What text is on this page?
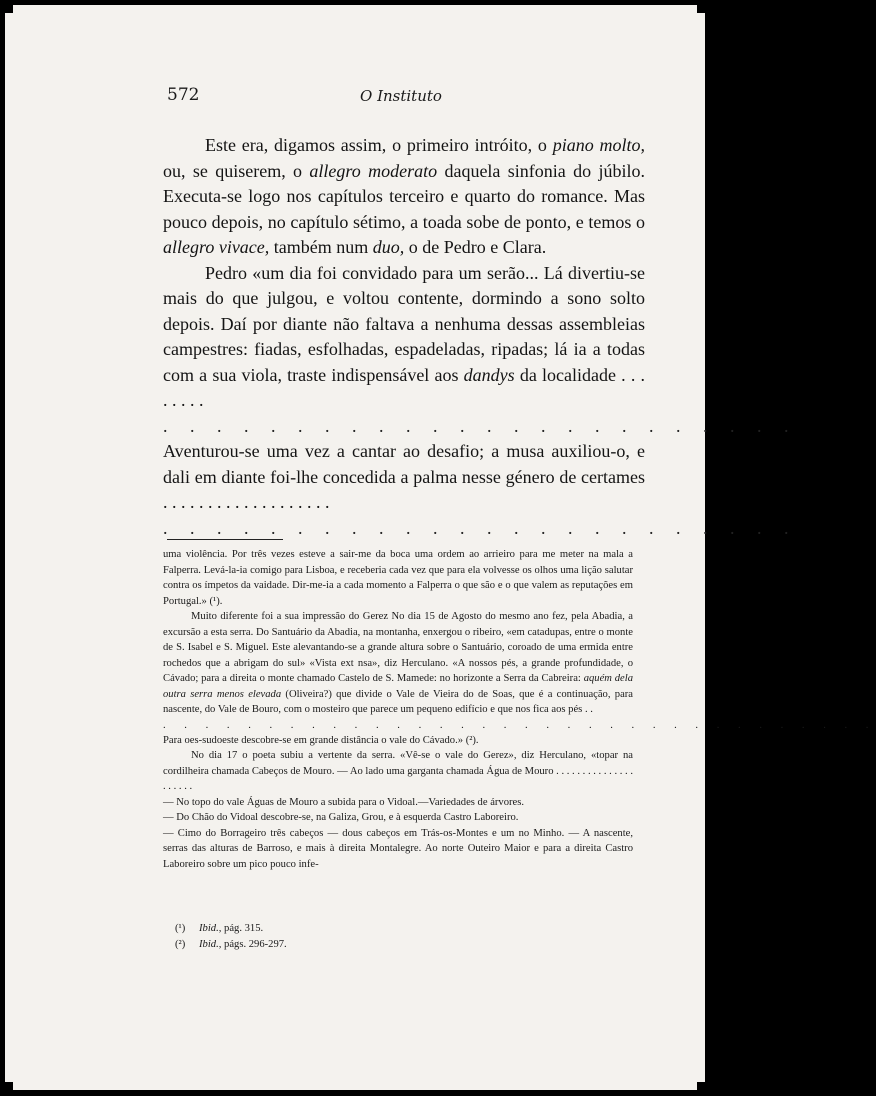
572	O Instituto

Este era, digamos assim, o primeiro intróito, o piano molto, ou, se quiserem, o allegro moderato daquela sinfonia do júbilo. Executa-se logo nos capítulos terceiro e quarto do romance. Mas pouco depois, no capítulo sétimo, a toada sobe de ponto, e temos o allegro vivace, também num duo, o de Pedro e Clara.

Pedro «um dia foi convidado para um serão... Lá divertiu-se mais do que julgou, e voltou contente, dormindo a sono solto depois. Daí por diante não faltava a nenhuma dessas assembleias campestres: fiadas, esfolhadas, espadeladas, ripadas; lá ia a todas com a sua viola, traste indispensável aos dandys da localidade . . . . . . . .

. . . . . . . . . . . . . . . . . . . . . . . .

Aventurou-se uma vez a cantar ao desafio; a musa auxiliou-o, e dali em diante foi-lhe concedida a palma nesse género de certames . . . . . . . . . . . . . . . . . . .

. . . . . . . . . . . . . . . . . . . . . . . .

uma violência. Por três vezes esteve a sair-me da boca uma ordem ao arrieiro para me meter na mala a Falperra. Levá-la-ia comigo para Lisboa, e receberia cada vez que para ela volvesse os olhos uma lição salutar contra os ímpetos da vaidade. Dir-me-ia a cada momento a Falperra o que são e o que valem as reputações em Portugal.» (¹).

Muito diferente foi a sua impressão do Gerez No dia 15 de Agosto do mesmo ano fez, pela Abadia, a excursão a esta serra. Do Santuário da Abadia, na montanha, enxergou o ribeiro, «em catadupas, entre o monte de S. Isabel e S. Miguel. Este alevantando-se a grande altura sobre o Santuário, coroado de uma ermida entre rochedos que a abrigam do sul» «Vista ext nsa», diz Herculano. «A nossos pés, a grande profundidade, o Cávado; para a direita o monte chamado Castelo de S. Mamede: no horizonte a Serra da Cabreira: aquém dela outra serra menos elevada (Oliveira?) que divide o Vale de Vieira do de Soas, que é a continuação, para nascente, do Vale de Bouro, com o mosteiro que parece um pequeno edifício e que nos fica aos pés . .

. . . . . . . . . . . . . . . . . . . . . . . . . . . . . . . . . .

Para oes-sudoeste descobre-se em grande distância o vale do Cávado.» (²).

No dia 17 o poeta subiu a vertente da serra. «Vê-se o vale do Gerez», diz Herculano, «topar na cordilheira chamada Cabeços de Mouro. — Ao lado uma garganta chamada Água de Mouro . . . . . . . . . . . . . . . . . . . . .

— No topo do vale Águas de Mouro a subida para o Vidoal.—Variedades de árvores.

— Do Chão do Vidoal descobre-se, na Galiza, Grou, e à esquerda Castro Laboreiro.

— Cimo do Borrageiro três cabeços — dous cabeços em Trás-os-Montes e um no Minho. — A nascente, serras das alturas de Barroso, e mais à direita Montalegre. Ao norte Outeiro Maior e para a direita Castro Laboreiro sobre um pico pouco infe-

(¹) Ibid., pág. 315.
(²) Ibid., págs. 296-297.
